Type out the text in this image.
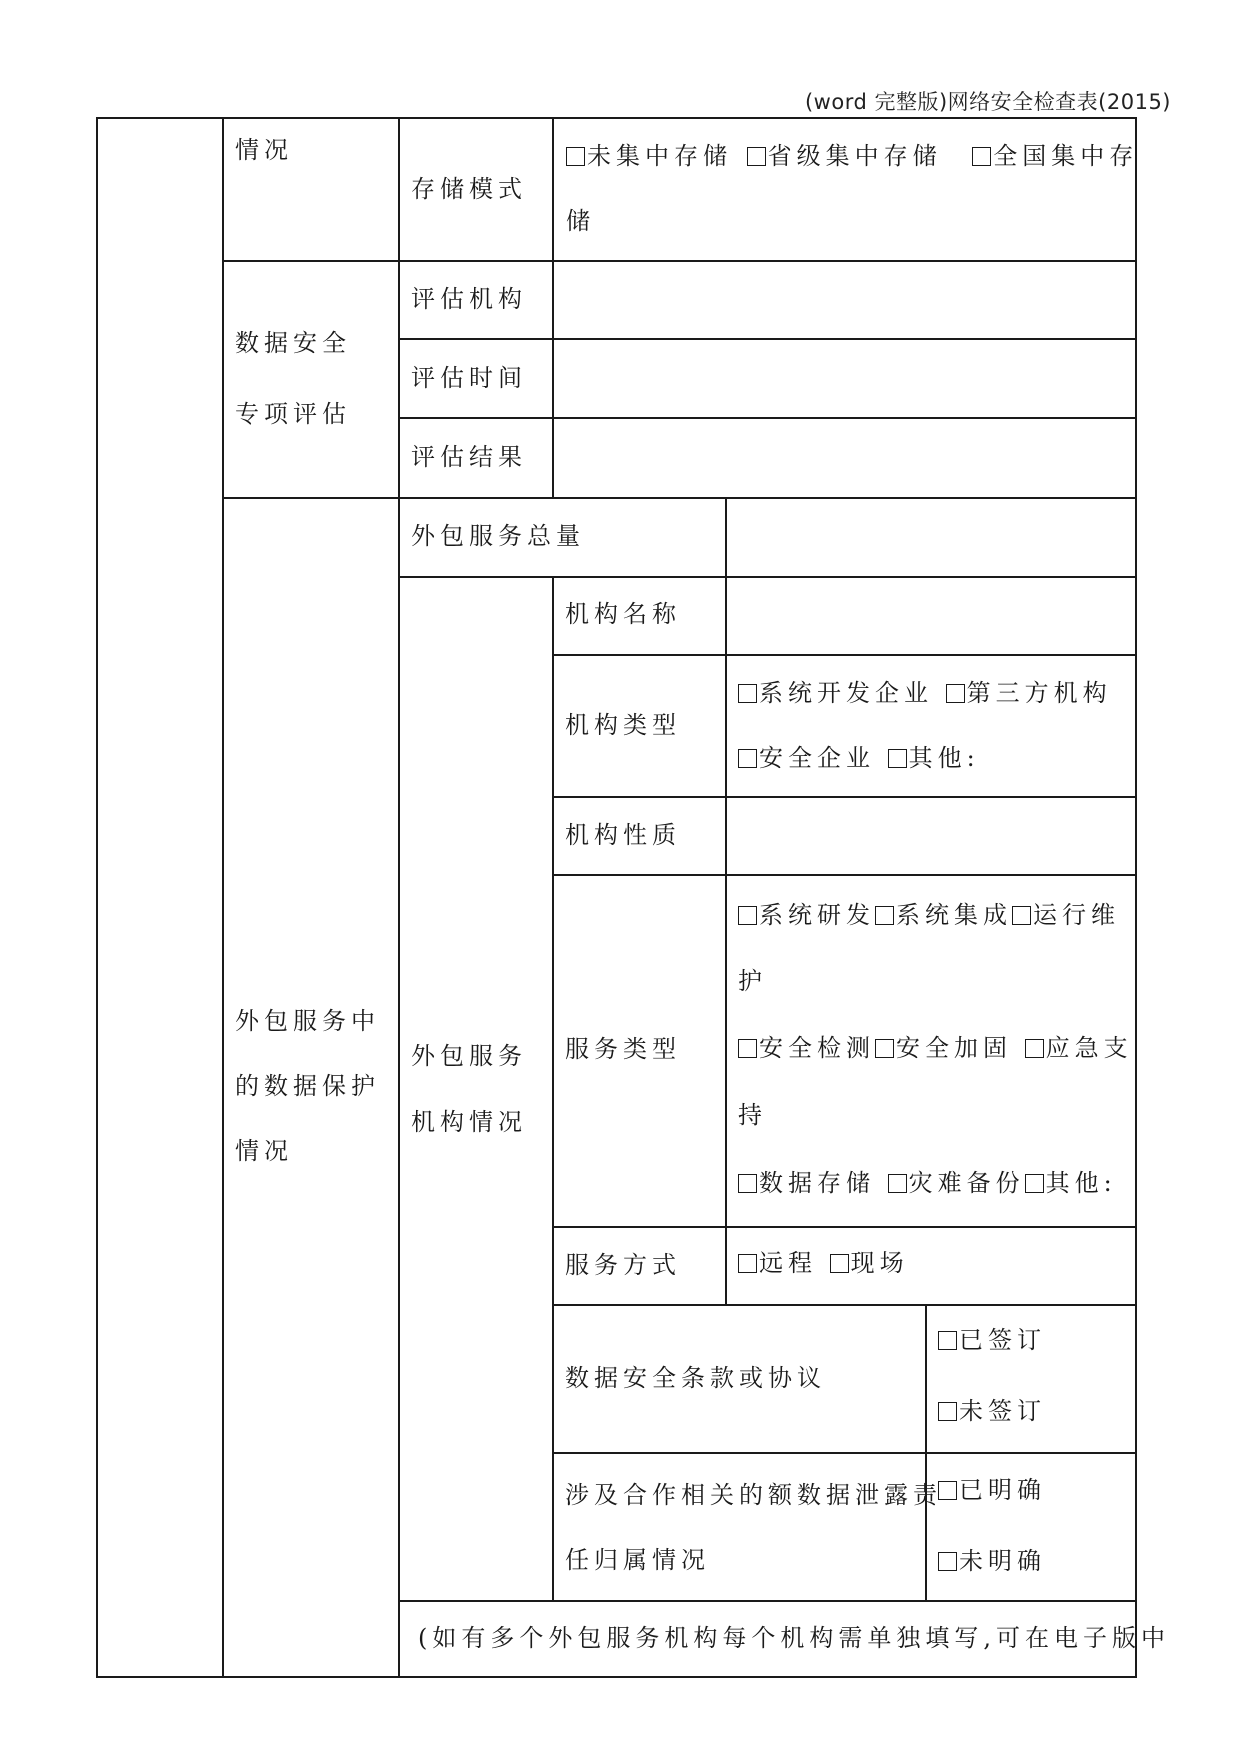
(word 完整版)网络安全检查表(2015)
情况
存储模式
未集中存储 省级集中存储 全国集中存
储
数据安全
专项评估
评估机构
评估时间
评估结果
外包服务中
的数据保护
情况
外包服务总量
外包服务
机构情况
机构名称
机构类型
系统开发企业 第三方机构
安全企业 其他:
机构性质
服务类型
系统研发 系统集成 运行维
护
安全检测 安全加固 应急支
持
数据存储 灾难备份 其他:
服务方式	远程 现场
数据安全条款或协议
已签订
未签订
涉及合作相关的额数据泄露责
任归属情况
已明确
未明确
(如有多个外包服务机构每个机构需单独填写,可在电子版中
